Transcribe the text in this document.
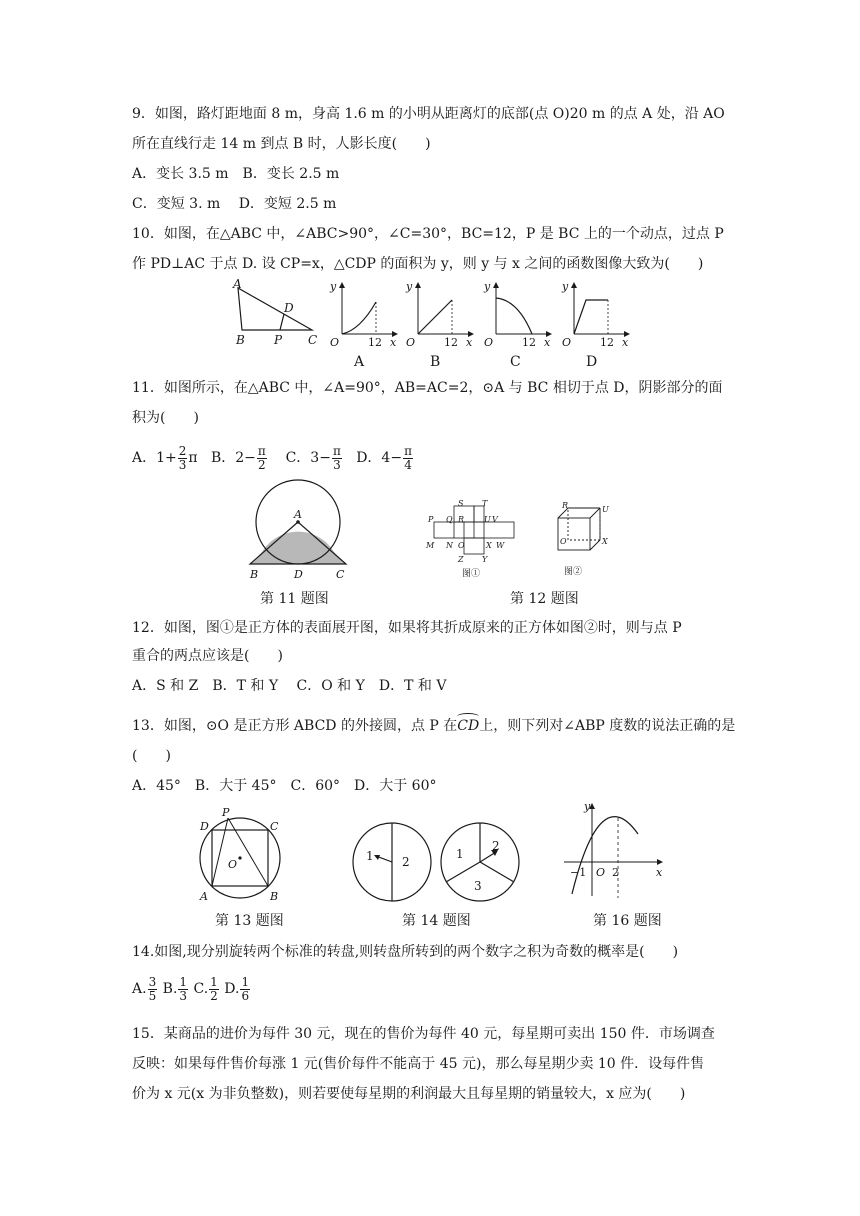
9．如图，路灯距地面 8 m，身高 1.6 m 的小明从距离灯的底部(点 O)20 m 的点 A 处，沿 AO
所在直线行走 14 m 到点 B 时，人影长度(　　)
A．变长 3.5 m　B．变长 2.5 m
C．变短 3. m　 D．变短 2.5 m
10．如图，在△ABC 中，∠ABC>90°，∠C=30°，BC=12，P 是 BC 上的一个动点，过点 P
作 PD⊥AC 于点 D. 设 CP=x，△CDP 的面积为 y，则 y 与 x 之间的函数图像大致为(　　)
A
B
D
P C
y
O	12 x
A
y
O	12 x
B
y
O	12 x
C
y
O	12 x
D
11．如图所示，在△ABC 中，∠A=90°，AB=AC=2，⊙A 与 BC 相切于点 D，阴影部分的面
积为(　　)
A．$1+ \frac{2}{3}$ π B．$2- \frac{\pi}{2}$ C．$3- \frac{\pi}{3}$ D．$4- \frac{\pi}{4}$
A
B	D	C
第 11 题图
S T
P Q R U V
M N O	X W
Z Y
图①
R	U
O	X
图②
第 12 题图
12．如图，图①是正方体的表面展开图，如果将其折成原来的正方体如图②时，则与点 P
重合的两点应该是(　　)
A．S 和 Z　B．T 和 Y　 C．O 和 Y　D．T 和 V
13．如图，⊙O 是正方形 ABCD 的外接圆，点 P 在
CD上，则下列对∠ABP 度数的说法正确的是
(　　)
A．45°　B．大于 45°　C．60°　D．大于 60°
P
D	C
O
A	B
第 13 题图
1 2
1
2
3
第 14 题图
y
x
−1 O 2
第 16 题图
14.如图,现分别旋转两个标准的转盘,则转盘所转到的两个数字之积为奇数的概率是(　　)
A. $\frac{3}{5} B$. $\frac{1}{3} C$. $\frac{1}{2} D$. $\frac{1}{6}$
15．某商品的进价为每件 30 元，现在的售价为每件 40 元，每星期可卖出 150 件．市场调查
反映：如果每件售价每涨 1 元(售价每件不能高于 45 元)，那么每星期少卖 10 件．设每件售
价为 x 元(x 为非负整数)，则若要使每星期的利润最大且每星期的销量较大，x 应为(　　)
